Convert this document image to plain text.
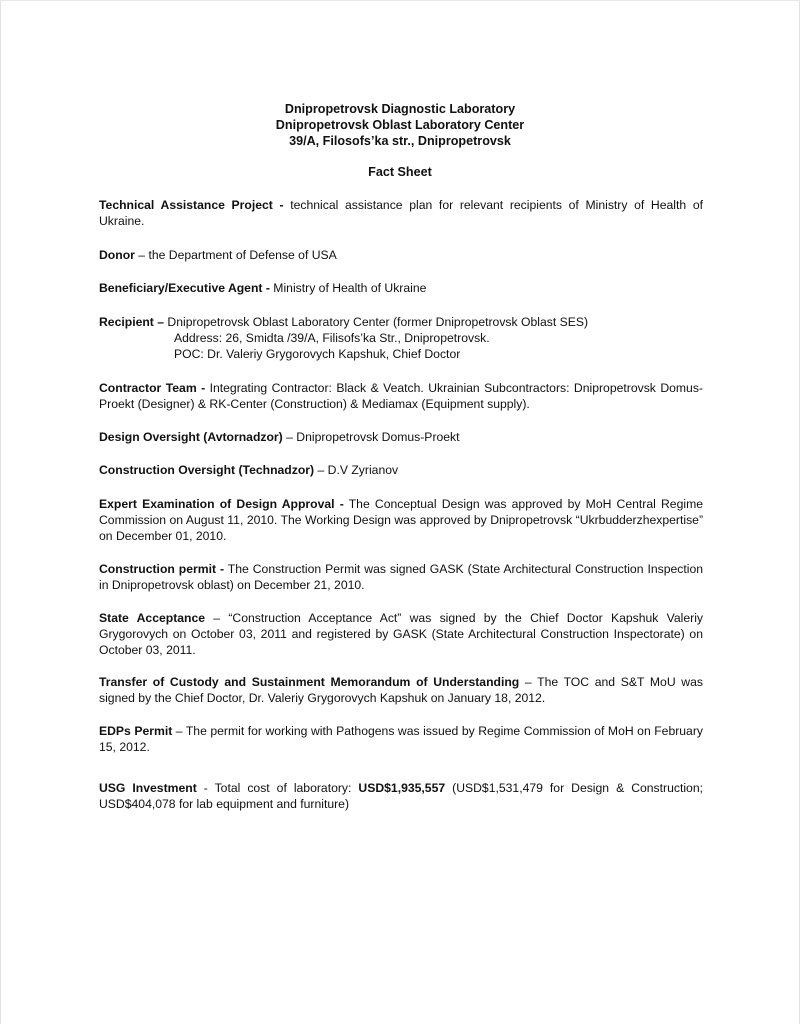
Dnipropetrovsk Diagnostic Laboratory
Dnipropetrovsk Oblast Laboratory Center
39/A, Filosofs’ka str., Dnipropetrovsk
Fact Sheet
Technical Assistance Project - technical assistance plan for relevant recipients of Ministry of Health of Ukraine.
Donor – the Department of Defense of USA
Beneficiary/Executive Agent - Ministry of Health of Ukraine
Recipient – Dnipropetrovsk Oblast Laboratory Center (former Dnipropetrovsk Oblast SES)
Address: 26, Smidta /39/A, Filisofs’ka Str., Dnipropetrovsk.
POC: Dr. Valeriy Grygorovych Kapshuk, Chief Doctor
Contractor Team - Integrating Contractor: Black & Veatch. Ukrainian Subcontractors: Dnipropetrovsk Domus-Proekt (Designer) & RK-Center (Construction) & Mediamax (Equipment supply).
Design Oversight (Avtornadzor) – Dnipropetrovsk Domus-Proekt
Construction Oversight (Technadzor) – D.V Zyrianov
Expert Examination of Design Approval - The Conceptual Design was approved by MoH Central Regime Commission on August 11, 2010. The Working Design was approved by Dnipropetrovsk “Ukrbudderzhexpertise” on December 01, 2010.
Construction permit - The Construction Permit was signed GASK (State Architectural Construction Inspection in Dnipropetrovsk oblast) on December 21, 2010.
State Acceptance – “Construction Acceptance Act” was signed by the Chief Doctor Kapshuk Valeriy Grygorovych on October 03, 2011 and registered by GASK (State Architectural Construction Inspectorate) on October 03, 2011.
Transfer of Custody and Sustainment Memorandum of Understanding – The TOC and S&T MoU was signed by the Chief Doctor, Dr. Valeriy Grygorovych Kapshuk on January 18, 2012.
EDPs Permit – The permit for working with Pathogens was issued by Regime Commission of MoH on February 15, 2012.
USG Investment - Total cost of laboratory: USD$1,935,557 (USD$1,531,479 for Design & Construction; USD$404,078 for lab equipment and furniture)
